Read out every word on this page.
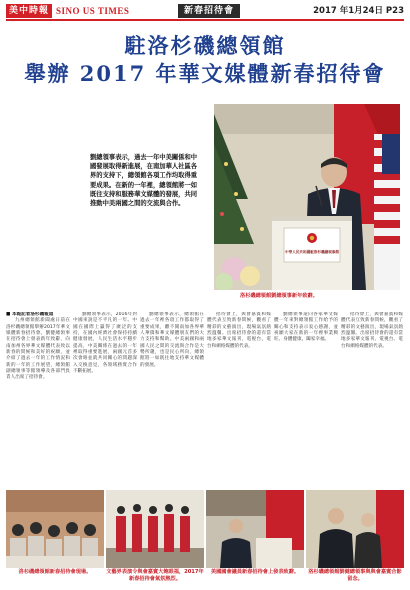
美中時報 SINO US TIMES	新春招待會	2017 年1月24日 P23
駐洛杉磯總領館
舉辦 2017 年華文媒體新春招待會
劉總領事表示，過去一年中美關係和中國發展取得新進展，在南加華人社區各界的支持下，總領館各項工作均取得重要成果。在新的一年裡，總領館將一如既往支持和服務華文媒體的發展，共同推動中美兩國之間的交流與合作。
中華人民共和國駐洛杉磯總領事館
洛杉磯總領館劉總領事新年致辭。

■ 本報記者洛杉磯報道

九州總領館新聞處日前在洛杉磯總領館舉辦2017年華文媒體新春招待會。劉健總領事在招待會上發表新年致辭，向南加州各界華文媒體代表致以新春的問候和美好的祝願，並介紹了過去一年的工作情況和新的一年的工作展望，總領館副總領事等館領導及各部門負責人出席了招待會。

劉總領事表示，2016年對中國來說是不平凡的一年。中國在國際上贏得了廣泛的支持，在國內經濟社會保持持續健康發展，人民生活水平穩步提高，中美關係在過去的一年裡取得重要進展，兩國元首多次會晤並就共同關心的問題深入交換意見，各領域務實合作不斷拓展。

劉總領事表示，總領館在過去一年裡各項工作都取得了重要成果，離不開南加各界華人華僑和華文媒體朋友們的大力支持和幫助。中美兩國和兩國人民之間的交流與合作是大勢所趨，也是民心所向，總領館將一如既往地支持華文媒體的發展。

招待會上，與會嘉賓和媒體代表互致新春問候，觀看了精彩的文藝演出，現場氣氛熱烈溫馨。出席招待會的還有當地多家華文報刊、電視台、電台和網絡媒體的代表。

劉總領事還向各家華文媒體一年來對總領館工作給予的關心和支持表示衷心感謝，並祝願大家在新的一年裡事業興旺、身體健康、闔家幸福。

招待會上，與會嘉賓和媒體代表互致新春問候，觀看了精彩的文藝演出，現場氣氛熱烈溫馨。出席招待會的還有當地多家華文報刊、電視台、電台和網絡媒體的代表。

洛杉磯總領館新春招待會現場。	文藝界表演令與會嘉賓大飽眼福，2017年新春招待會氣氛熱烈。
美國國會議員新春招待會上發表致辭。	洛杉磯總領館劉健總領事與與會嘉賓合影留念。
